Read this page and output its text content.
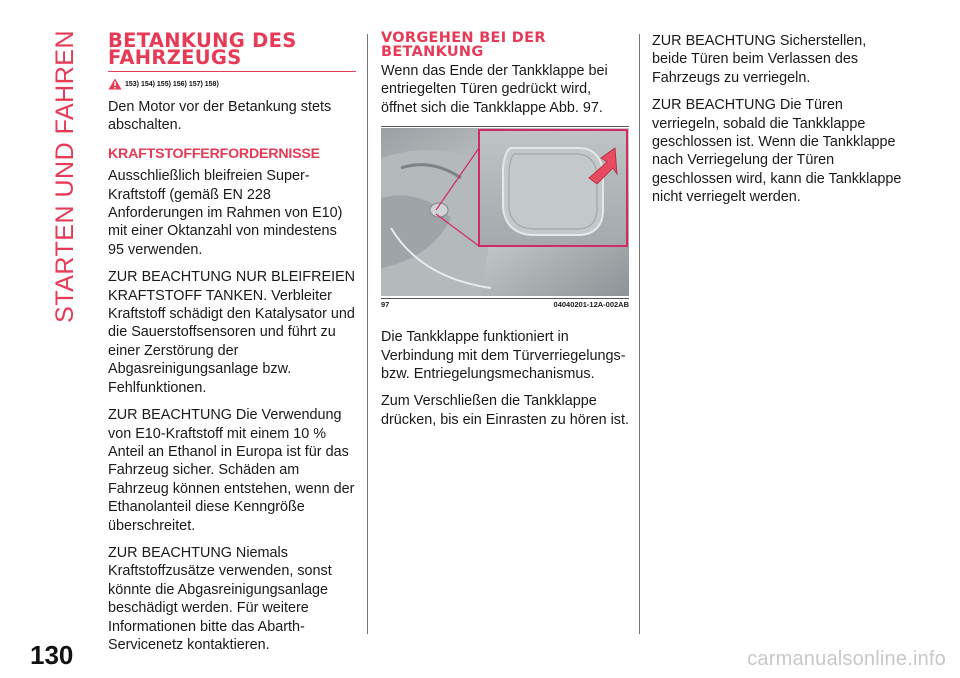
STARTEN UND FAHREN
130
BETANKUNG DES
FAHRZEUGS
153) 154) 155) 156) 157) 158)

Den Motor vor der Betankung stets abschalten.

KRAFTSTOFFERFORDERNISSE

Ausschließlich bleifreien Super-Kraftstoff (gemäß EN 228 Anforderungen im Rahmen von E10) mit einer Oktanzahl von mindestens 95 verwenden.

ZUR BEACHTUNG NUR BLEIFREIEN KRAFTSTOFF TANKEN. Verbleiter Kraftstoff schädigt den Katalysator und die Sauerstoffsensoren und führt zu einer Zerstörung der Abgasreinigungsanlage bzw. Fehlfunktionen.

ZUR BEACHTUNG Die Verwendung von E10-Kraftstoff mit einem 10 % Anteil an Ethanol in Europa ist für das Fahrzeug sicher. Schäden am Fahrzeug können entstehen, wenn der Ethanolanteil diese Kenngröße überschreitet.

ZUR BEACHTUNG Niemals Kraftstoffzusätze verwenden, sonst könnte die Abgasreinigungsanlage beschädigt werden. Für weitere Informationen bitte das Abarth-Servicenetz kontaktieren.

VORGEHEN BEI DER
BETANKUNG

Wenn das Ende der Tankklappe bei entriegelten Türen gedrückt wird, öffnet sich die Tankklappe Abb. 97.

97	04040201-12A-002AB

Die Tankklappe funktioniert in Verbindung mit dem Türverriegelungs- bzw. Entriegelungsmechanismus.

Zum Verschließen die Tankklappe drücken, bis ein Einrasten zu hören ist.

ZUR BEACHTUNG Sicherstellen, beide Türen beim Verlassen des Fahrzeugs zu verriegeln.

ZUR BEACHTUNG Die Türen verriegeln, sobald die Tankklappe geschlossen ist. Wenn die Tankklappe nach Verriegelung der Türen geschlossen wird, kann die Tankklappe nicht verriegelt werden.

carmanualsonline.info
